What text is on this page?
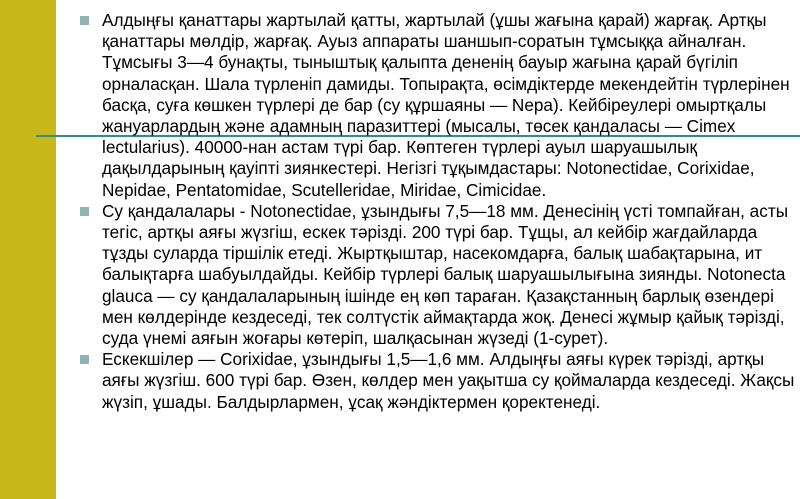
Алдыңғы қанаттары жартылай қатты, жартылай (ұшы жағына қарай) жарғақ. Артқы қанаттары мөлдір, жарғақ. Ауыз аппараты шаншып-соратын тұмсыққа айналған. Тұмсығы 3—4 бунақты, тыныштық қалыпта дененің бауыр жағына қарай бүгіліп орналасқан. Шала түрленіп дамиды. Топырақта, өсімдіктерде мекендейтін түрлерінен басқа, суға көшкен түрлері де бар (су құршаяны — Nepa). Кейбіреулері омыртқалы жануарлардың және адамның паразиттері (мысалы, төсек қандаласы — Cimex lectularius). 40000-нан астам түрі бар. Көптеген түрлері ауыл шаруашылық дақылдарының қауіпті зиянкестері. Негізгі тұқымдастары: Notonectidae, Corixidae, Nepidae, Pentatomidae, Scutelleridae, Miridae, Cimicidae.

Су қандалалары - Notonectidae, ұзындығы 7,5—18 мм. Денесінің үсті томпайған, асты тегіс, артқы аяғы жүзгіш, ескек тәрізді. 200 түрі бар. Тұщы, ал кейбір жағдайларда тұзды суларда тіршілік етеді. Жыртқыштар, насекомдарға, балық шабақтарына, ит балықтарға шабуылдайды. Кейбір түрлері балық шаруашылығына зиянды. Notonecta glauca — су қандалаларының ішінде ең көп тараған. Қазақстанның барлық өзендері мен көлдерінде кездеседі, тек солтүстік аймақтарда жоқ. Денесі жұмыр қайық тәрізді, суда үнемі аяғын жоғары көтеріп, шалқасынан жүзеді (1-сурет).

Ескекшілер — Corixidae, ұзындығы 1,5—1,6 мм. Алдыңғы аяғы күрек тәрізді, артқы аяғы жүзгіш. 600 түрі бар. Өзен, көлдер мен уақытша су қоймаларда кездеседі. Жақсы жүзіп, ұшады. Балдырлармен, ұсақ жәндіктермен қоректенеді.
